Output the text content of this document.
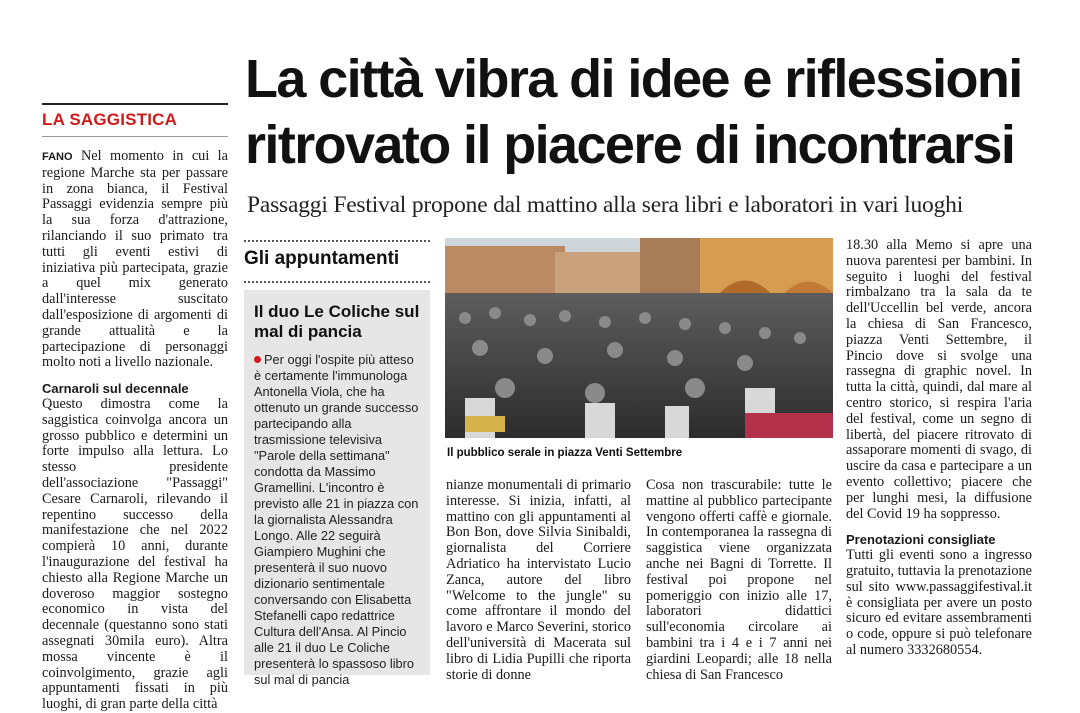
LA SAGGISTICA
La città vibra di idee e riflessioni
ritrovato il piacere di incontrarsi
Passaggi Festival propone dal mattino alla sera libri e laboratori in vari luoghi

FANO Nel momento in cui la regione Marche sta per passare in zona bianca, il Festival Passaggi evidenzia sempre più la sua forza d'attrazione, rilanciando il suo primato tra tutti gli eventi estivi di iniziativa più partecipata, grazie a quel mix generato dall'interesse suscitato dall'esposizione di argomenti di grande attualità e la partecipazione di personaggi molto noti a livello nazionale.

Carnaroli sul decennale

Questo dimostra come la saggistica coinvolga ancora un grosso pubblico e determini un forte impulso alla lettura. Lo stesso presidente dell'associazione "Passaggi" Cesare Carnaroli, rilevando il repentino successo della manifestazione che nel 2022 compierà 10 anni, durante l'inaugurazione del festival ha chiesto alla Regione Marche un doveroso maggior sostegno economico in vista del decennale (questanno sono stati assegnati 30mila euro). Altra mossa vincente è il coinvolgimento, grazie agli appuntamenti fissati in più luoghi, di gran parte della città

Gli appuntamenti
Il duo Le Coliche sul mal di pancia
Per oggi l'ospite più atteso è certamente l'immunologa Antonella Viola, che ha ottenuto un grande successo partecipando alla trasmissione televisiva "Parole della settimana" condotta da Massimo Gramellini. L'incontro è previsto alle 21 in piazza con la giornalista Alessandra Longo. Alle 22 seguirà Giampiero Mughini che presenterà il suo nuovo dizionario sentimentale conversando con Elisabetta Stefanelli capo redattrice Cultura dell'Ansa. Al Pincio alle 21 il duo Le Coliche presenterà lo spassoso libro sul mal di pancia
Il pubblico serale in piazza Venti Settembre

nianze monumentali di primario interesse. Si inizia, infatti, al mattino con gli appuntamenti al Bon Bon, dove Silvia Sinibaldi, giornalista del Corriere Adriatico ha intervistato Lucio Zanca, autore del libro "Welcome to the jungle" su come affrontare il mondo del lavoro e Marco Severini, storico dell'università di Macerata sul libro di Lidia Pupilli che riporta storie di donne

Cosa non trascurabile: tutte le mattine al pubblico partecipante vengono offerti caffè e giornale. In contemporanea la rassegna di saggistica viene organizzata anche nei Bagni di Torrette. Il festival poi propone nel pomeriggio con inizio alle 17, laboratori didattici sull'economia circolare ai bambini tra i 4 e i 7 anni nei giardini Leopardi; alle 18 nella chiesa di San Francesco

18.30 alla Memo si apre una nuova parentesi per bambini. In seguito i luoghi del festival rimbalzano tra la sala da te dell'Uccellin bel verde, ancora la chiesa di San Francesco, piazza Venti Settembre, il Pincio dove si svolge una rassegna di graphic novel. In tutta la città, quindi, dal mare al centro storico, si respira l'aria del festival, come un segno di libertà, del piacere ritrovato di assaporare momenti di svago, di uscire da casa e partecipare a un evento collettivo; piacere che per lunghi mesi, la diffusione del Covid 19 ha soppresso.

Prenotazioni consigliate

Tutti gli eventi sono a ingresso gratuito, tuttavia la prenotazione sul sito www.passaggifestival.it è consigliata per avere un posto sicuro ed evitare assembramenti o code, oppure si può telefonare al numero 3332680554.
